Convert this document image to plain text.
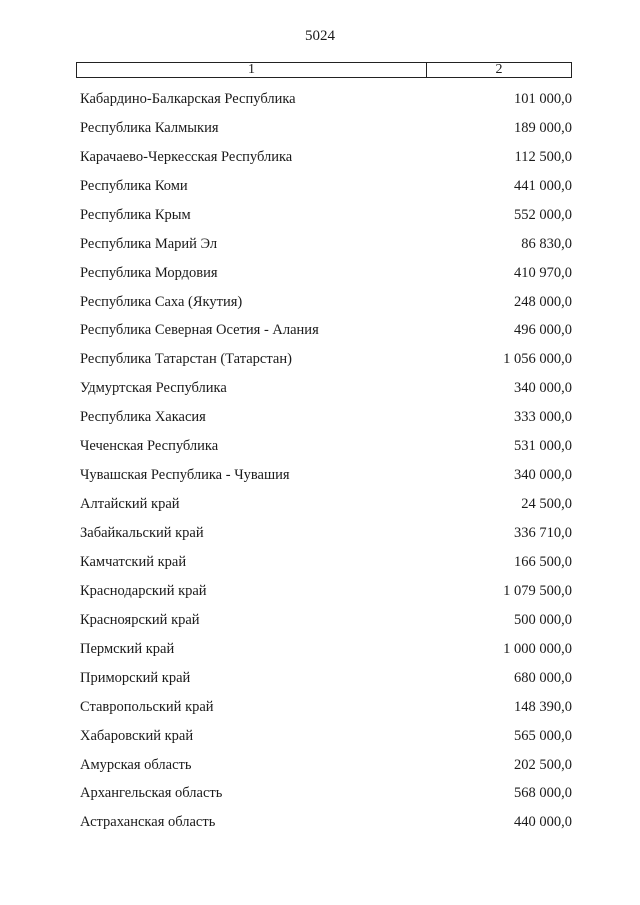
5024
1	2
Кабардино-Балкарская Республика	101 000,0
Республика Калмыкия	189 000,0
Карачаево-Черкесская Республика	112 500,0
Республика Коми	441 000,0
Республика Крым	552 000,0
Республика Марий Эл	86 830,0
Республика Мордовия	410 970,0
Республика Саха (Якутия)	248 000,0
Республика Северная Осетия - Алания	496 000,0
Республика Татарстан (Татарстан)	1 056 000,0
Удмуртская Республика	340 000,0
Республика Хакасия	333 000,0
Чеченская Республика	531 000,0
Чувашская Республика - Чувашия	340 000,0
Алтайский край	24 500,0
Забайкальский край	336 710,0
Камчатский край	166 500,0
Краснодарский край	1 079 500,0
Красноярский край	500 000,0
Пермский край	1 000 000,0
Приморский край	680 000,0
Ставропольский край	148 390,0
Хабаровский край	565 000,0
Амурская область	202 500,0
Архангельская область	568 000,0
Астраханская область	440 000,0
